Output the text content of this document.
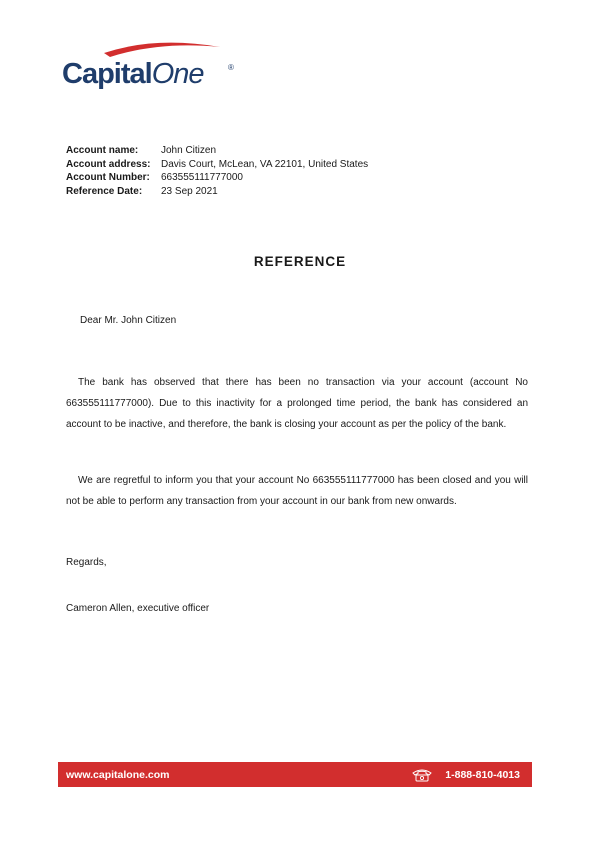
CapitalOne	®
Account name:	John Citizen
Account address:	Davis Court, McLean, VA 22101, United States
Account Number:	663555111777000
Reference Date:	23 Sep 2021
REFERENCE
Dear Mr. John Citizen
The bank has observed that there has been no transaction via your account (account No 663555111777000). Due to this inactivity for a prolonged time period, the bank has considered an account to be inactive, and therefore, the bank is closing your account as per the policy of the bank.
We are regretful to inform you that your account No 663555111777000 has been closed and you will not be able to perform any transaction from your account in our bank from new onwards.
Regards,
Cameron Allen, executive officer
www.capitalone.com	1-888-810-4013
